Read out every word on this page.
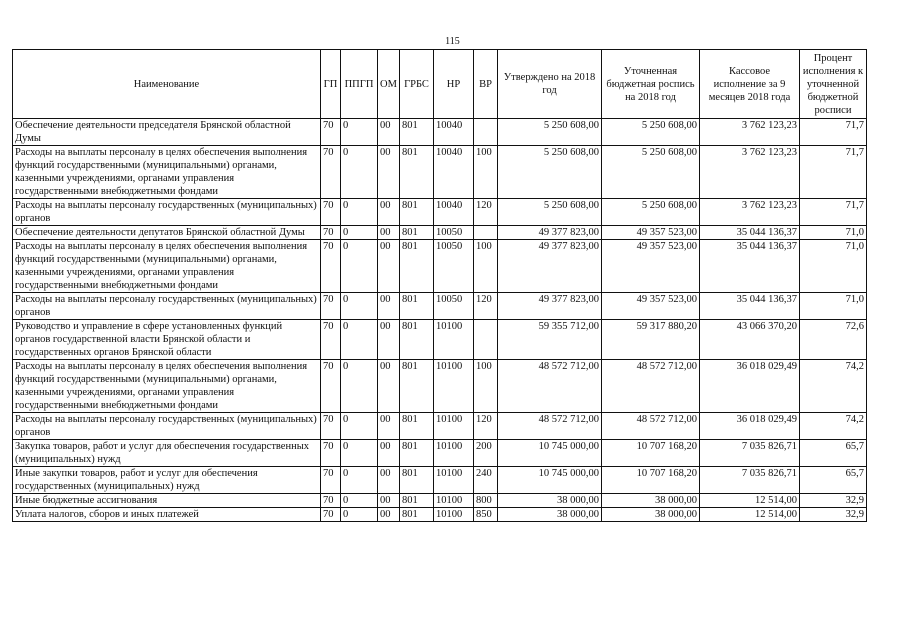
115
Наименование	ГП	ППГП	ОМ	ГРБС	НР	ВР	Утверждено на 2018 год	Уточненная бюджетная роспись на 2018 год	Кассовое исполнение за 9 месяцев 2018 года	Процент исполнения к уточненной бюджетной росписи
Обеспечение деятельности председателя Брянской областной Думы	70	0	00	801	10040		5 250 608,00	5 250 608,00	3 762 123,23	71,7
Расходы на выплаты персоналу в целях обеспечения выполнения функций государственными (муниципальными) органами, казенными учреждениями, органами управления государственными внебюджетными фондами	70	0	00	801	10040	100	5 250 608,00	5 250 608,00	3 762 123,23	71,7
Расходы на выплаты персоналу государственных (муниципальных) органов	70	0	00	801	10040	120	5 250 608,00	5 250 608,00	3 762 123,23	71,7
Обеспечение деятельности депутатов Брянской областной Думы	70	0	00	801	10050		49 377 823,00	49 357 523,00	35 044 136,37	71,0
Расходы на выплаты персоналу в целях обеспечения выполнения функций государственными (муниципальными) органами, казенными учреждениями, органами управления государственными внебюджетными фондами	70	0	00	801	10050	100	49 377 823,00	49 357 523,00	35 044 136,37	71,0
Расходы на выплаты персоналу государственных (муниципальных) органов	70	0	00	801	10050	120	49 377 823,00	49 357 523,00	35 044 136,37	71,0
Руководство и управление в сфере установленных функций органов государственной власти Брянской области и государственных органов Брянской области	70	0	00	801	10100		59 355 712,00	59 317 880,20	43 066 370,20	72,6
Расходы на выплаты персоналу в целях обеспечения выполнения функций государственными (муниципальными) органами, казенными учреждениями, органами управления государственными внебюджетными фондами	70	0	00	801	10100	100	48 572 712,00	48 572 712,00	36 018 029,49	74,2
Расходы на выплаты персоналу государственных (муниципальных) органов	70	0	00	801	10100	120	48 572 712,00	48 572 712,00	36 018 029,49	74,2
Закупка товаров, работ и услуг для обеспечения государственных (муниципальных) нужд	70	0	00	801	10100	200	10 745 000,00	10 707 168,20	7 035 826,71	65,7
Иные закупки товаров, работ и услуг для обеспечения государственных (муниципальных) нужд	70	0	00	801	10100	240	10 745 000,00	10 707 168,20	7 035 826,71	65,7
Иные бюджетные ассигнования	70	0	00	801	10100	800	38 000,00	38 000,00	12 514,00	32,9
Уплата налогов, сборов и иных платежей	70	0	00	801	10100	850	38 000,00	38 000,00	12 514,00	32,9
